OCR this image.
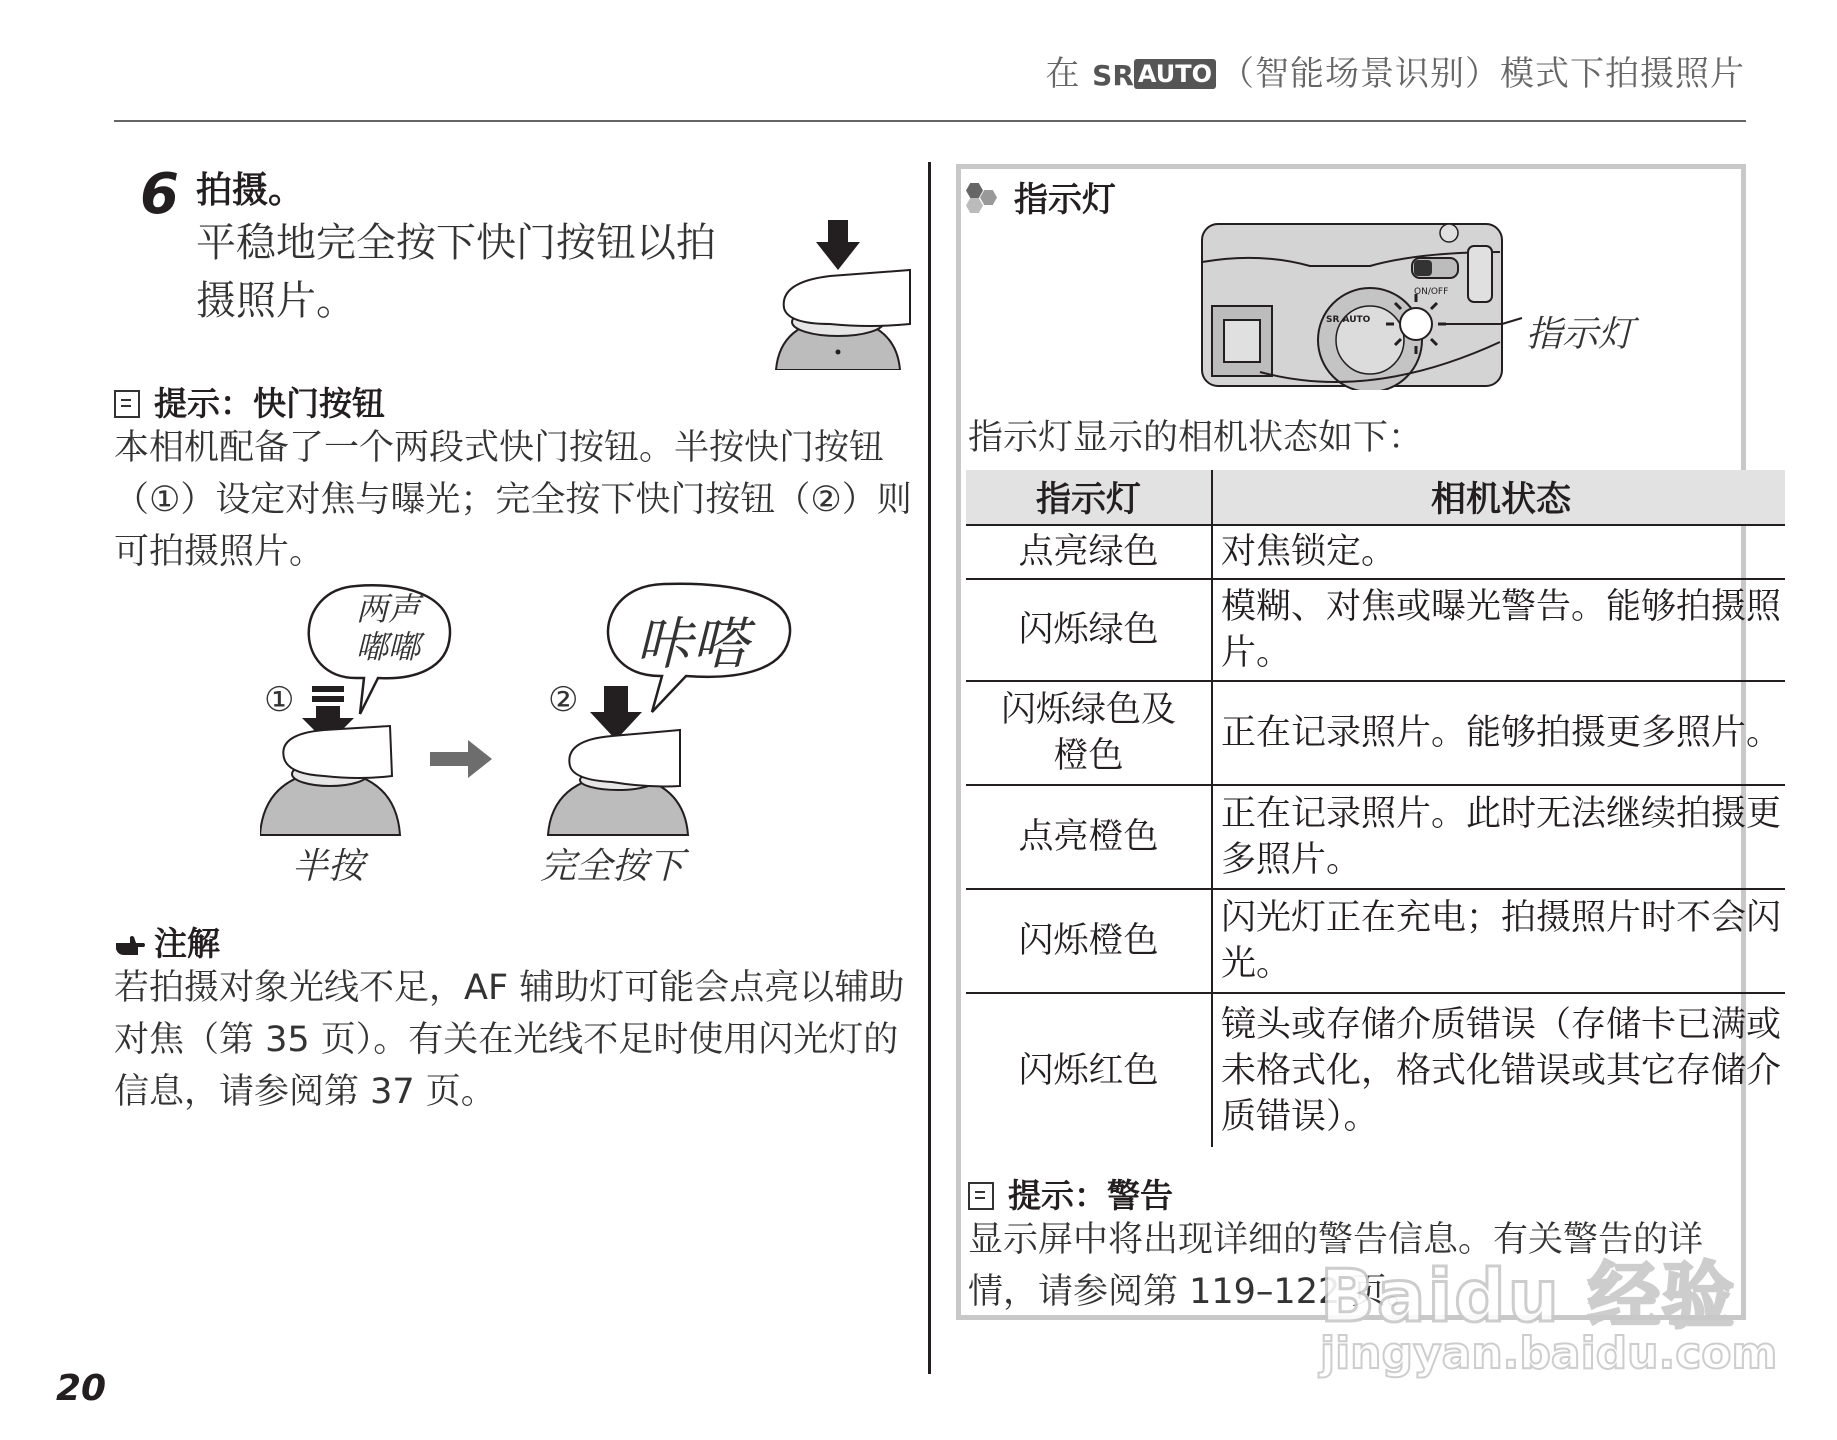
在 SR AUTO （智能场景识别）模式下拍摄照片
6 拍摄。
平稳地完全按下快门按钮以拍
摄照片。
提示：快门按钮
本相机配备了一个两段式快门按钮。半按快门按钮
（①）设定对焦与曝光；完全按下快门按钮（②）则
可拍摄照片。
两声
嘟嘟	咔嗒
①	②
半按	完全按下
注解
若拍摄对象光线不足，AF 辅助灯可能会点亮以辅助
对焦（第 35 页）。有关在光线不足时使用闪光灯的
信息，请参阅第 37 页。
指示灯
ON/OFF
SR AUTO	指示灯
指示灯显示的相机状态如下：
指示灯	相机状态
点亮绿色	对焦锁定。
闪烁绿色	模糊、对焦或曝光警告。能够拍摄照片。
闪烁绿色及橙色	正在记录照片。能够拍摄更多照片。
点亮橙色	正在记录照片。此时无法继续拍摄更多照片。
闪烁橙色	闪光灯正在充电；拍摄照片时不会闪光。
闪烁红色	镜头或存储介质错误（存储卡已满或未格式化，格式化错误或其它存储介质错误）。
提示：警告
显示屏中将出现详细的警告信息。有关警告的详
情，请参阅第 119–122 页。
20
Baidu 经验
jingyan.baidu.com
